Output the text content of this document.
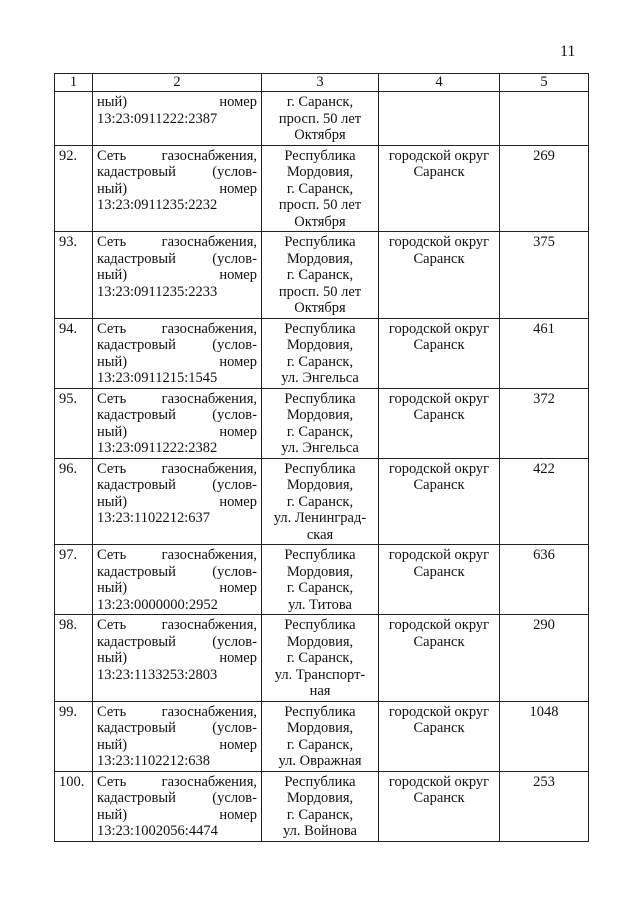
11
1	2	3	4	5

	ный) номер
13:23:0911222:2387	г. Саранск,
просп. 50 лет
Октября		

92.	Сеть газоснабжения,
кадастровый (услов-
ный) номер
13:23:0911235:2232	Республика
Мордовия,
г. Саранск,
просп. 50 лет
Октября	городской округ
Саранск	269
93.	Сеть газоснабжения,
кадастровый (услов-
ный) номер
13:23:0911235:2233	Республика
Мордовия,
г. Саранск,
просп. 50 лет
Октября	городской округ
Саранск	375
94.	Сеть газоснабжения,
кадастровый (услов-
ный) номер
13:23:0911215:1545	Республика
Мордовия,
г. Саранск,
ул. Энгельса	городской округ
Саранск	461
95.	Сеть газоснабжения,
кадастровый (услов-
ный) номер
13:23:0911222:2382	Республика
Мордовия,
г. Саранск,
ул. Энгельса	городской округ
Саранск	372
96.	Сеть газоснабжения,
кадастровый (услов-
ный) номер
13:23:1102212:637	Республика
Мордовия,
г. Саранск,
ул. Ленинград-
ская	городской округ
Саранск	422
97.	Сеть газоснабжения,
кадастровый (услов-
ный) номер
13:23:0000000:2952	Республика
Мордовия,
г. Саранск,
ул. Титова	городской округ
Саранск	636
98.	Сеть газоснабжения,
кадастровый (услов-
ный) номер
13:23:1133253:2803	Республика
Мордовия,
г. Саранск,
ул. Транспорт-
ная	городской округ
Саранск	290
99.	Сеть газоснабжения,
кадастровый (услов-
ный) номер
13:23:1102212:638	Республика
Мордовия,
г. Саранск,
ул. Овражная	городской округ
Саранск	1048
100.	Сеть газоснабжения,
кадастровый (услов-
ный) номер
13:23:1002056:4474	Республика
Мордовия,
г. Саранск,
ул. Войнова	городской округ
Саранск	253
